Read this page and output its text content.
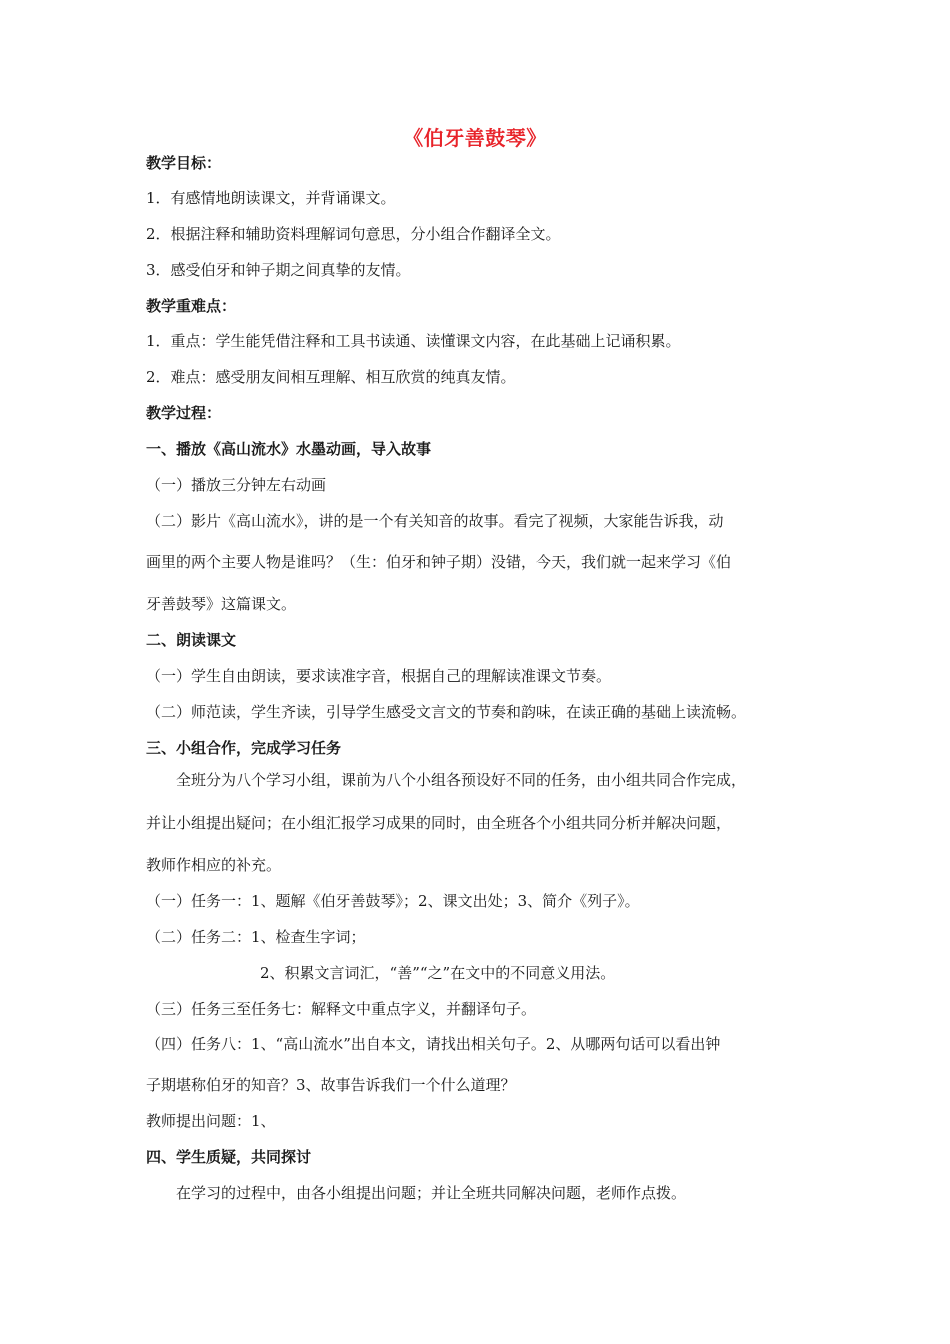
《伯牙善鼓琴》
教学目标：
1．有感情地朗读课文，并背诵课文。
2．根据注释和辅助资料理解词句意思，分小组合作翻译全文。
3．感受伯牙和钟子期之间真挚的友情。
教学重难点：
1．重点：学生能凭借注释和工具书读通、读懂课文内容，在此基础上记诵积累。
2．难点：感受朋友间相互理解、相互欣赏的纯真友情。
教学过程：
一、播放《高山流水》水墨动画，导入故事
（一）播放三分钟左右动画
（二）影片《高山流水》，讲的是一个有关知音的故事。看完了视频，大家能告诉我，动
画里的两个主要人物是谁吗？（生：伯牙和钟子期）没错，今天，我们就一起来学习《伯
牙善鼓琴》这篇课文。
二、朗读课文
（一）学生自由朗读，要求读准字音，根据自己的理解读准课文节奏。
（二）师范读，学生齐读，引导学生感受文言文的节奏和韵味，在读正确的基础上读流畅。
三、小组合作，完成学习任务
全班分为八个学习小组，课前为八个小组各预设好不同的任务，由小组共同合作完成，
并让小组提出疑问；在小组汇报学习成果的同时，由全班各个小组共同分析并解决问题，
教师作相应的补充。
（一）任务一：1、题解《伯牙善鼓琴》；2、课文出处；3、简介《列子》。
（二）任务二：1、检查生字词；
2、积累文言词汇，“善”“之”在文中的不同意义用法。
（三）任务三至任务七：解释文中重点字义，并翻译句子。
（四）任务八：1、“高山流水”出自本文，请找出相关句子。2、从哪两句话可以看出钟
子期堪称伯牙的知音？3、故事告诉我们一个什么道理？
教师提出问题：1、
四、学生质疑，共同探讨
在学习的过程中，由各小组提出问题；并让全班共同解决问题，老师作点拨。
